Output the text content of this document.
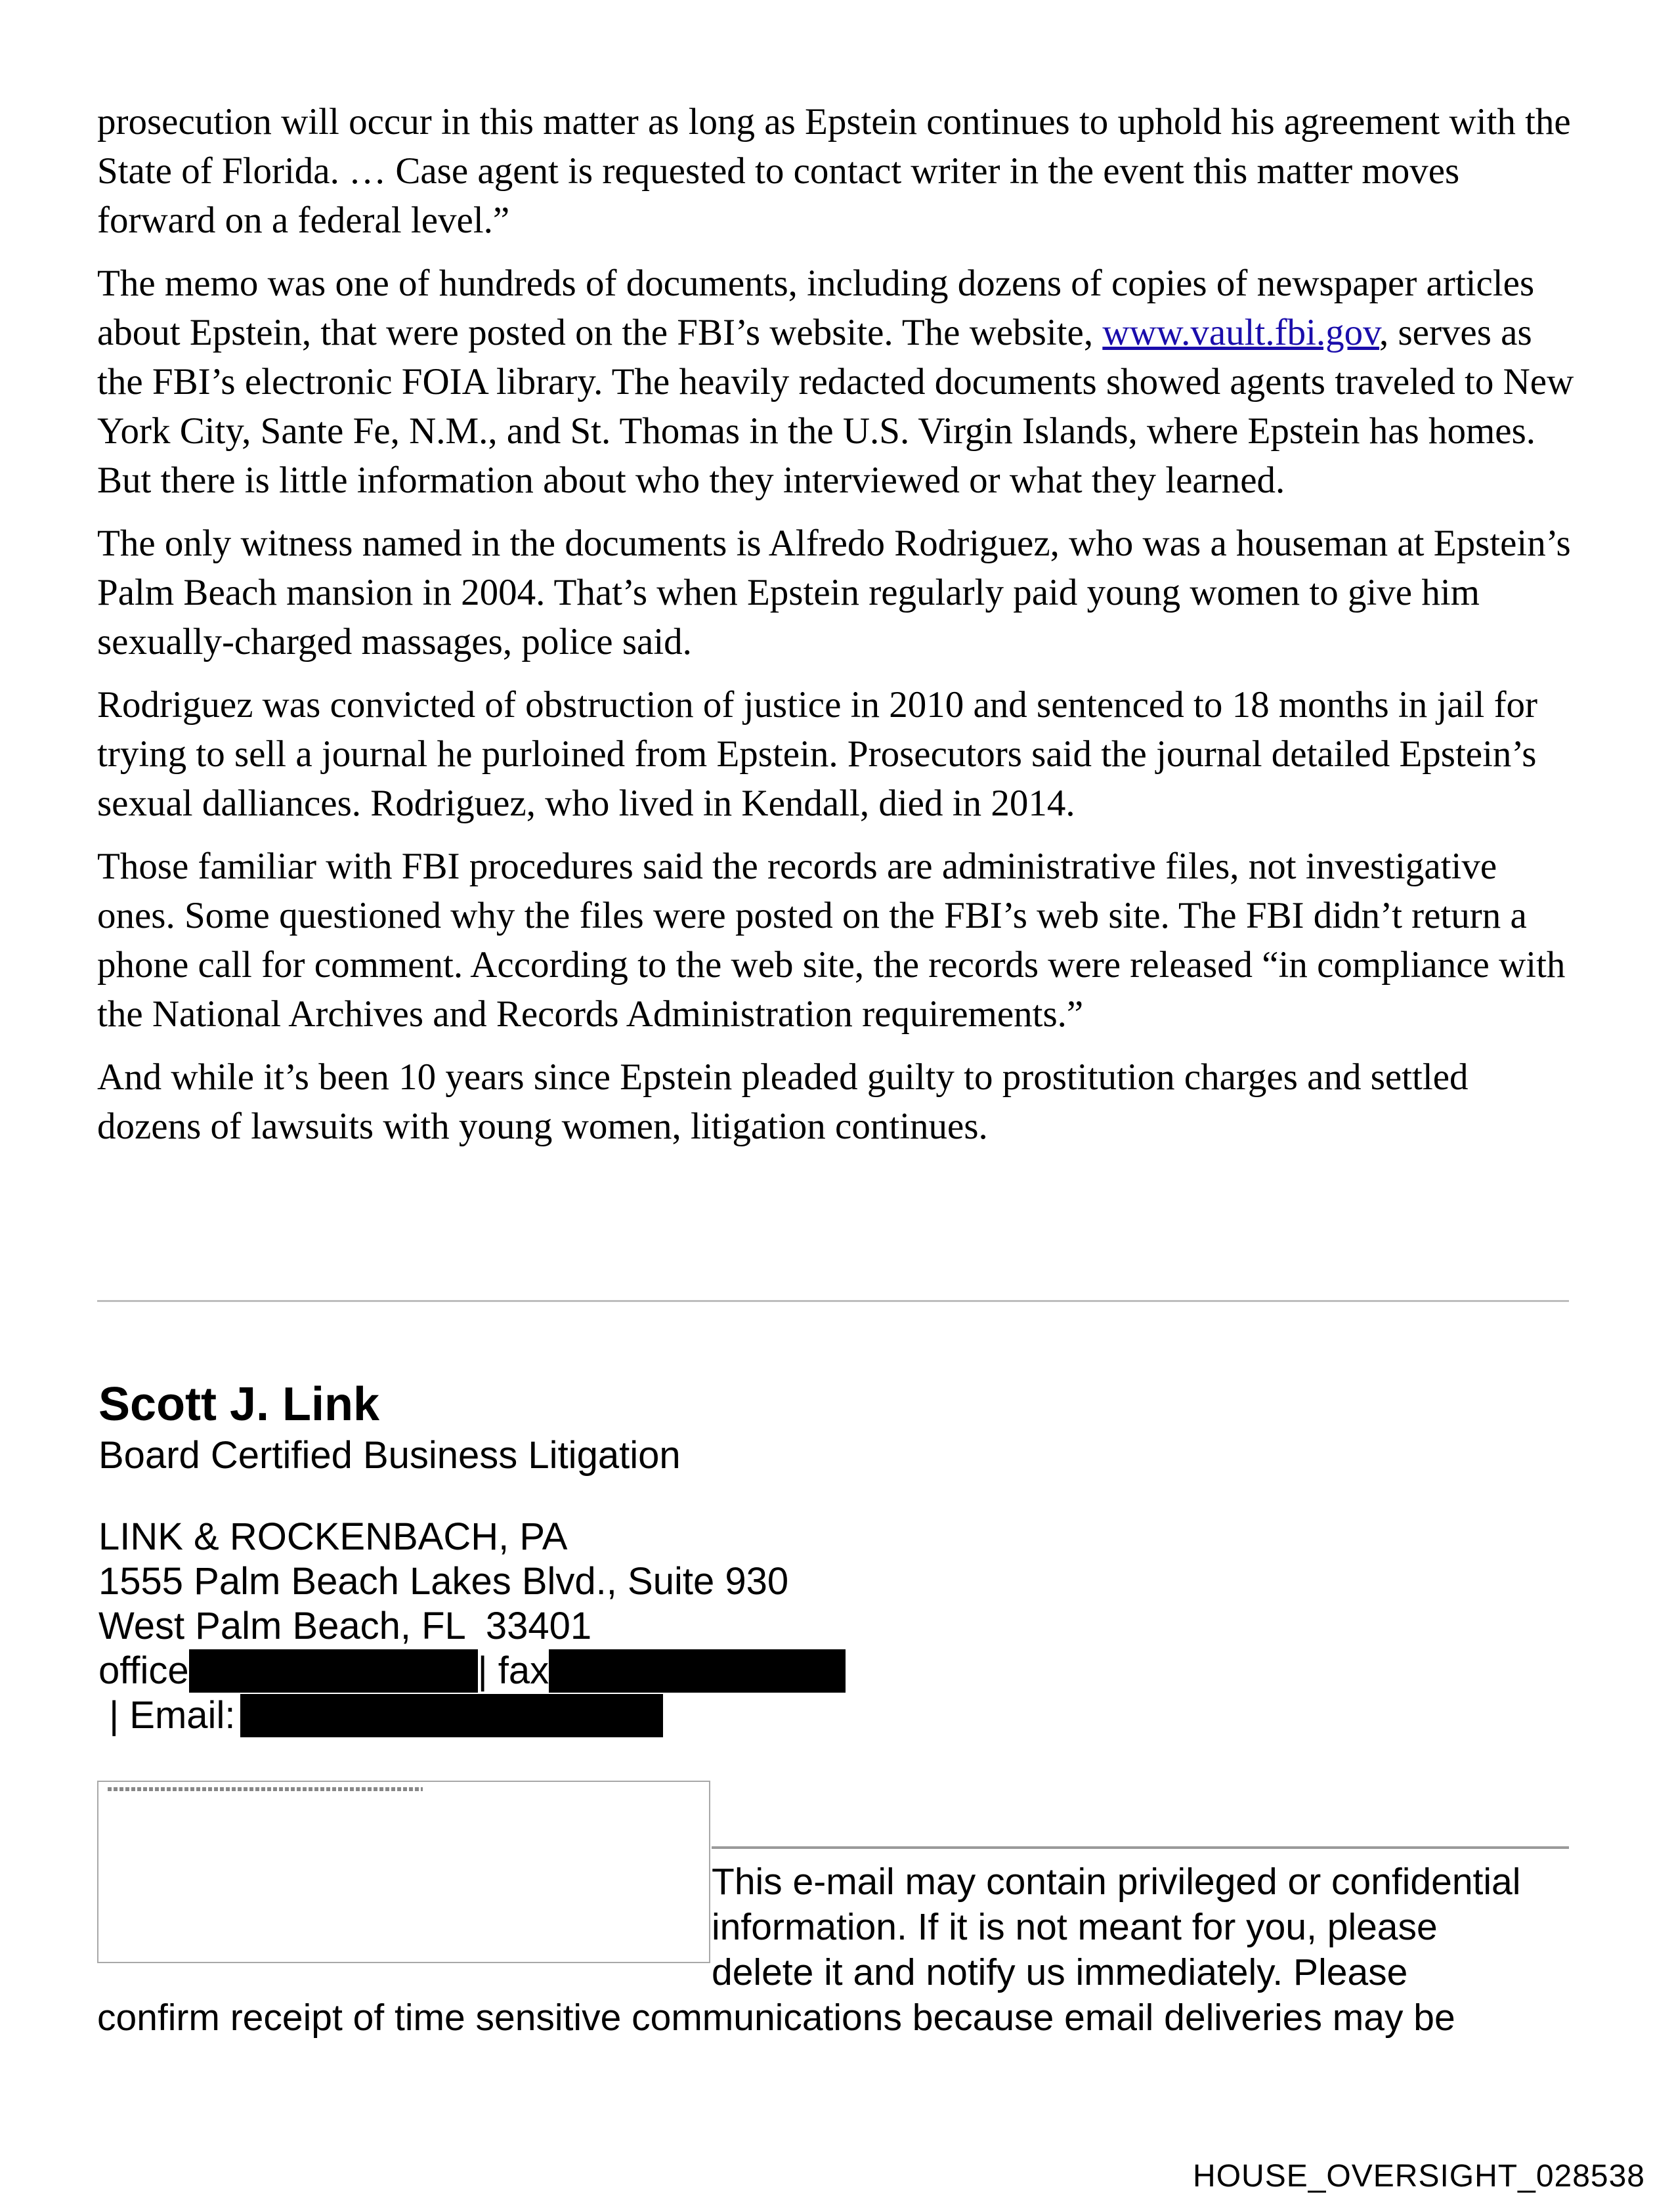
prosecution will occur in this matter as long as Epstein continues to uphold his agreement with the State of Florida. … Case agent is requested to contact writer in the event this matter moves forward on a federal level.”

The memo was one of hundreds of documents, including dozens of copies of newspaper articles about Epstein, that were posted on the FBI’s website. The website, www.vault.fbi.gov, serves as the FBI’s electronic FOIA library. The heavily redacted documents showed agents traveled to New York City, Sante Fe, N.M., and St. Thomas in the U.S. Virgin Islands, where Epstein has homes. But there is little information about who they interviewed or what they learned.

The only witness named in the documents is Alfredo Rodriguez, who was a houseman at Epstein’s Palm Beach mansion in 2004. That’s when Epstein regularly paid young women to give him sexually-charged massages, police said.

Rodriguez was convicted of obstruction of justice in 2010 and sentenced to 18 months in jail for trying to sell a journal he purloined from Epstein. Prosecutors said the journal detailed Epstein’s sexual dalliances. Rodriguez, who lived in Kendall, died in 2014.

Those familiar with FBI procedures said the records are administrative files, not investigative ones. Some questioned why the files were posted on the FBI’s web site. The FBI didn’t return a phone call for comment. According to the web site, the records were released “in compliance with the National Archives and Records Administration requirements.”

And while it’s been 10 years since Epstein pleaded guilty to prostitution charges and settled dozens of lawsuits with young women, litigation continues.

Scott J. Link
Board Certified Business Litigation
LINK & ROCKENBACH, PA
1555 Palm Beach Lakes Blvd., Suite 930
West Palm Beach, FL  33401
office	| fax
| Email:
This e-mail may contain privileged or confidential
information. If it is not meant for you, please
delete it and notify us immediately. Please
confirm receipt of time sensitive communications because email deliveries may be
HOUSE_OVERSIGHT_028538
